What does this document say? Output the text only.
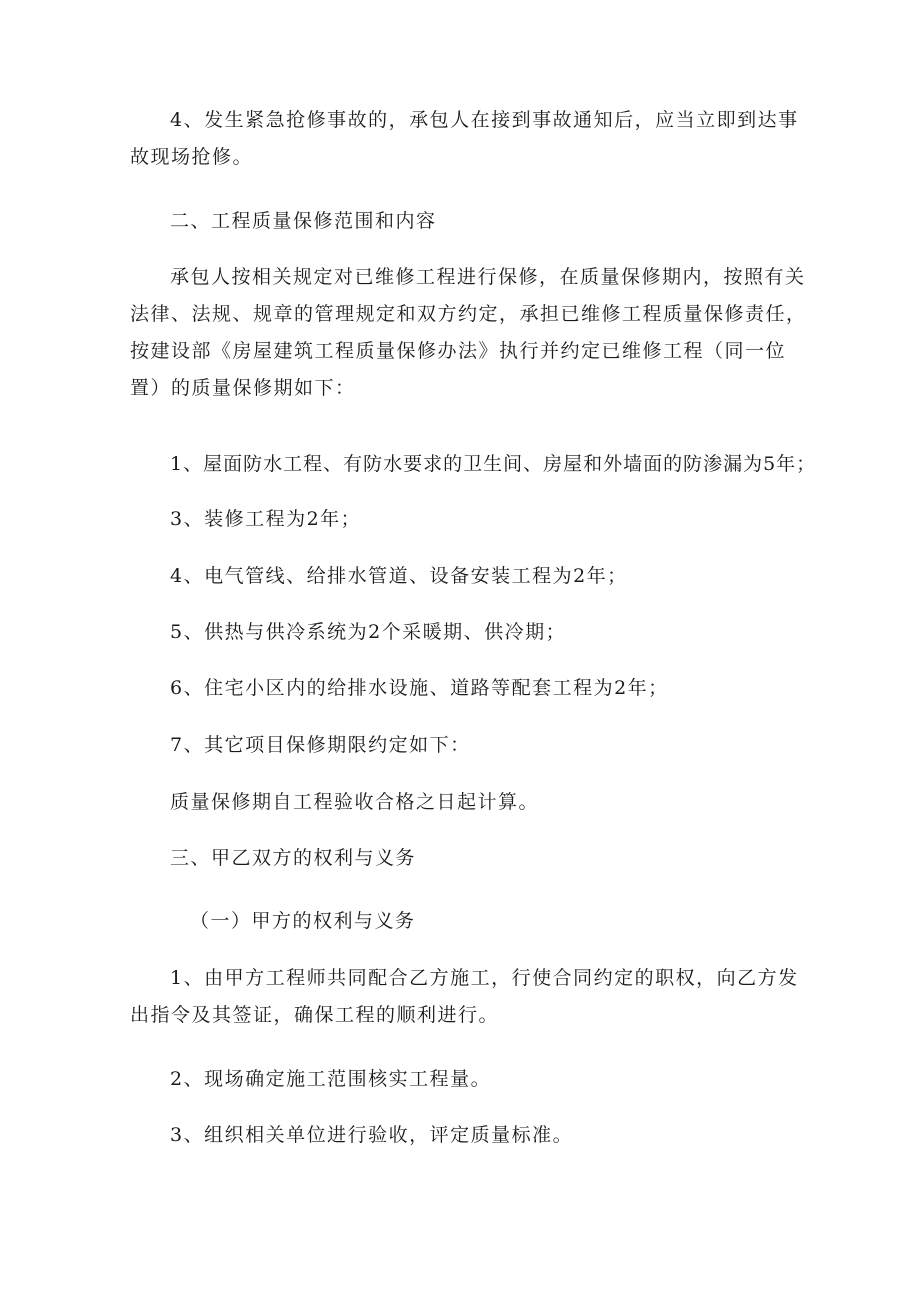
4、发生紧急抢修事故的，承包人在接到事故通知后，应当立即到达事故现场抢修。

二、工程质量保修范围和内容

承包人按相关规定对已维修工程进行保修，在质量保修期内，按照有关法律、法规、规章的管理规定和双方约定，承担已维修工程质量保修责任，按建设部《房屋建筑工程质量保修办法》执行并约定已维修工程（同一位置）的质量保修期如下：

1、屋面防水工程、有防水要求的卫生间、房屋和外墙面的防渗漏为5年；

3、装修工程为2年；

4、电气管线、给排水管道、设备安装工程为2年；

5、供热与供冷系统为2个采暖期、供冷期；

6、住宅小区内的给排水设施、道路等配套工程为2年；

7、其它项目保修期限约定如下：

质量保修期自工程验收合格之日起计算。

三、甲乙双方的权利与义务

（一）甲方的权利与义务

1、由甲方工程师共同配合乙方施工，行使合同约定的职权，向乙方发出指令及其签证，确保工程的顺利进行。

2、现场确定施工范围核实工程量。

3、组织相关单位进行验收，评定质量标准。
